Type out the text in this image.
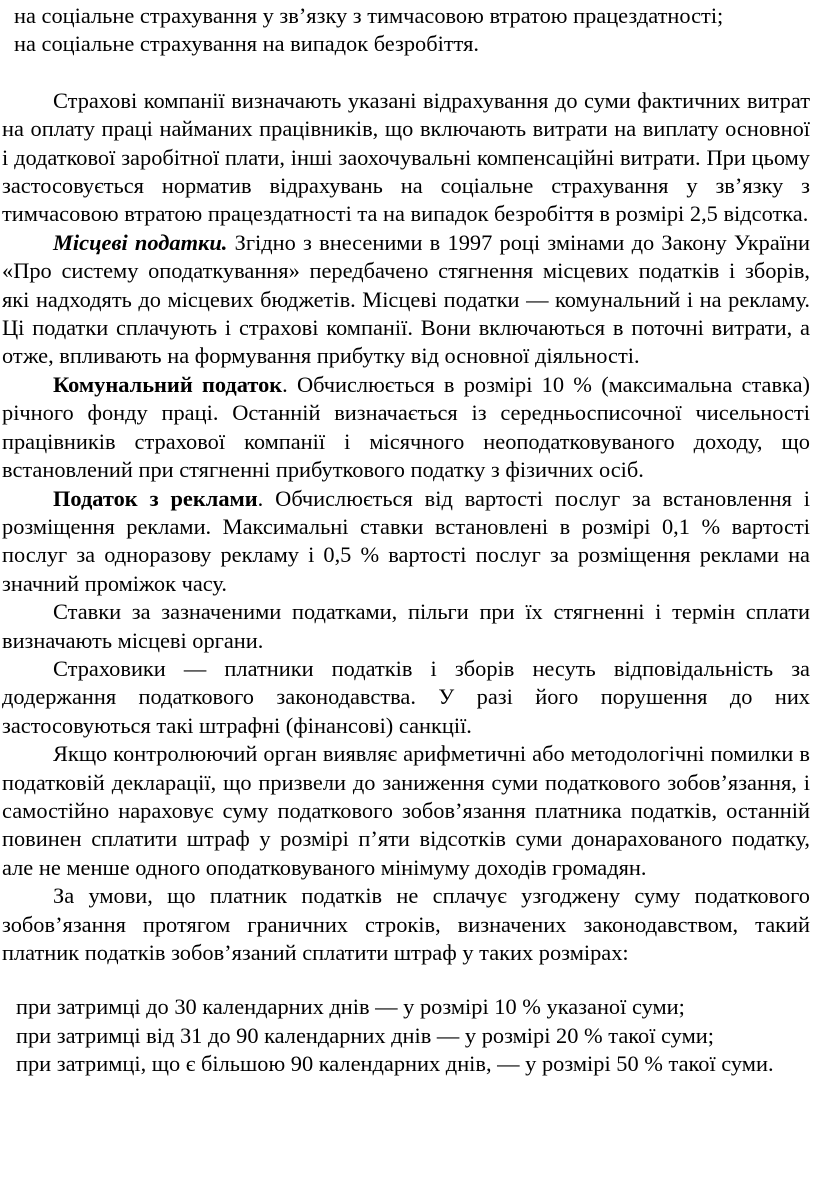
на соціальне страхування у зв’язку з тимчасовою втратою працездатності;
на соціальне страхування на випадок безробіття.

Страхові компанії визначають указані відрахування до суми фактичних витрат на оплату праці найманих працівників, що включають витрати на виплату основної і додаткової заробітної плати, інші заохочувальні компенсаційні витрати. При цьому застосовується норматив відрахувань на соціальне страхування у зв’язку з тимчасовою втратою працездатності та на випадок безробіття в розмірі 2,5 відсотка.

Місцеві податки. Згідно з внесеними в 1997 році змінами до Закону України «Про систему оподаткування» передбачено стягнення місцевих податків і зборів, які надходять до місцевих бюджетів. Місцеві податки — комунальний і на рекламу. Ці податки сплачують і страхові компанії. Вони включаються в поточні витрати, а отже, впливають на формування прибутку від основної діяльності.

Комунальний податок. Обчислюється в розмірі 10 % (максимальна ставка) річного фонду праці. Останній визначається із середньосписочної чисельності працівників страхової компанії і місячного неоподатковуваного доходу, що встановлений при стягненні прибуткового податку з фізичних осіб.

Податок з реклами. Обчислюється від вартості послуг за встановлення і розміщення реклами. Максимальні ставки встановлені в розмірі 0,1 % вартості послуг за одноразову рекламу і 0,5 % вартості послуг за розміщення реклами на значний проміжок часу.

Ставки за зазначеними податками, пільги при їх стягненні і термін сплати визначають місцеві органи.

Страховики — платники податків і зборів несуть відповідальність за додержання податкового законодавства. У разі його порушення до них застосовуються такі штрафні (фінансові) санкції.

Якщо контролюючий орган виявляє арифметичні або методологічні помилки в податковій декларації, що призвели до заниження суми податкового зобов’язання, і самостійно нараховує суму податкового зобов’язання платника податків, останній повинен сплатити штраф у розмірі п’яти відсотків суми донарахованого податку, але не менше одного оподатковуваного мінімуму доходів громадян.

За умови, що платник податків не сплачує узгоджену суму податкового зобов’язання протягом граничних строків, визначених законодавством, такий платник податків зобов’язаний сплатити штраф у таких розмірах:

при затримці до 30 календарних днів — у розмірі 10 % указаної суми;
при затримці від 31 до 90 календарних днів — у розмірі 20 % такої суми;
при затримці, що є більшою 90 календарних днів, — у розмірі 50 % такої суми.
